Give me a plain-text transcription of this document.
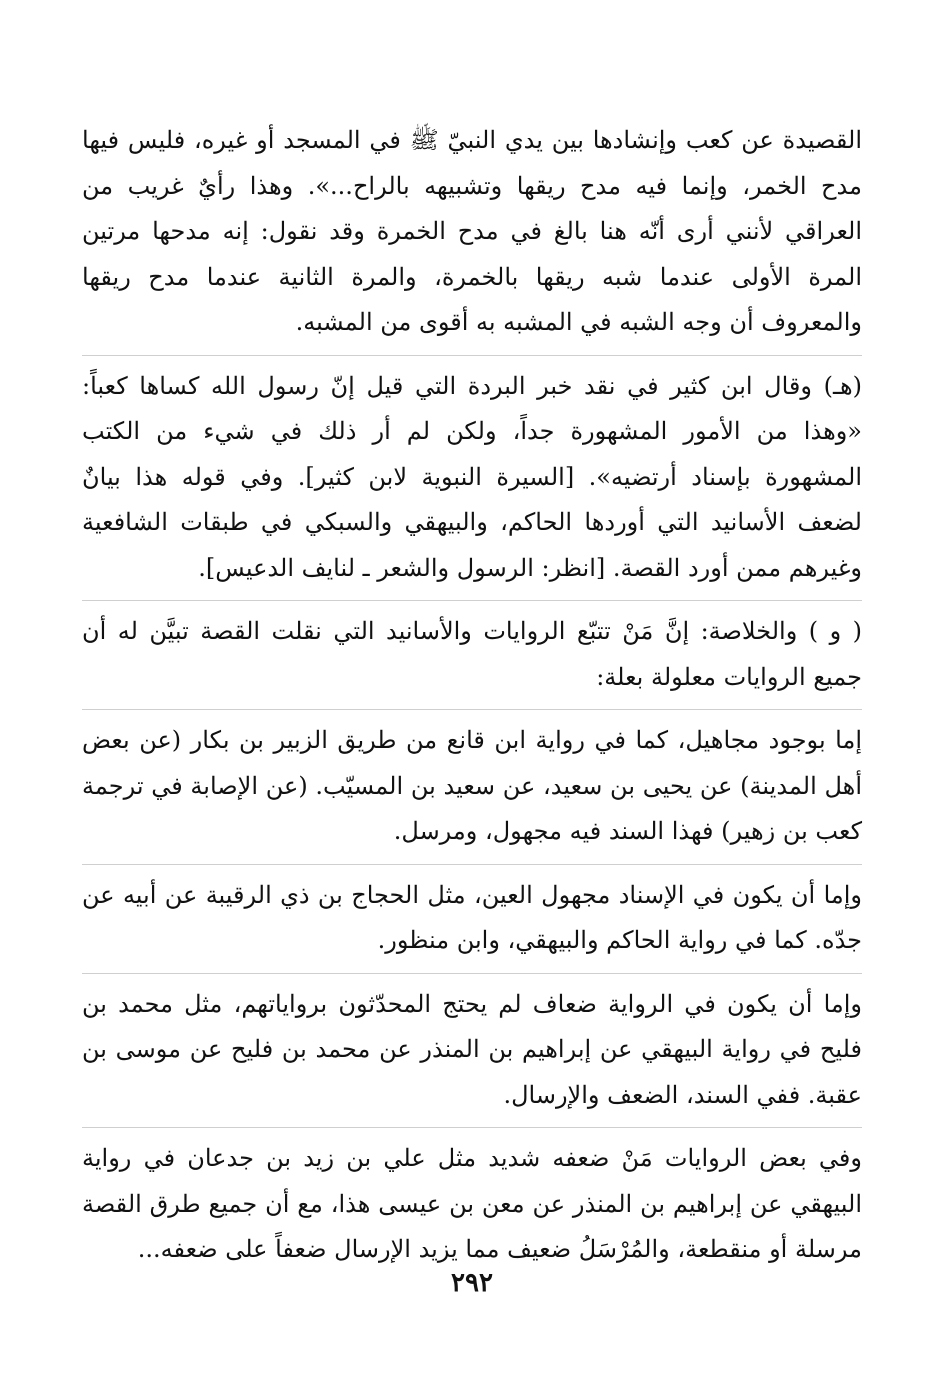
القصيدة عن كعب وإنشادها بين يدي النبيّ ﷺ في المسجد أو غيره، فليس فيها مدح الخمر، وإنما فيه مدح ريقها وتشبيهه بالراح...». وهذا رأيٌ غريب من العراقي لأنني أرى أنّه هنا بالغ في مدح الخمرة وقد نقول: إنه مدحها مرتين المرة الأولى عندما شبه ريقها بالخمرة، والمرة الثانية عندما مدح ريقها والمعروف أن وجه الشبه في المشبه به أقوى من المشبه.

(هـ) وقال ابن كثير في نقد خبر البردة التي قيل إنّ رسول الله كساها كعباً: «وهذا من الأمور المشهورة جداً، ولكن لم أر ذلك في شيء من الكتب المشهورة بإسناد أرتضيه». [السيرة النبوية لابن كثير]. وفي قوله هذا بيانٌ لضعف الأسانيد التي أوردها الحاكم، والبيهقي والسبكي في طبقات الشافعية وغيرهم ممن أورد القصة. [انظر: الرسول والشعر ـ لنايف الدعيس].

( و ) والخلاصة: إنَّ مَنْ تتبّع الروايات والأسانيد التي نقلت القصة تبيَّن له أن جميع الروايات معلولة بعلة:

إما بوجود مجاهيل، كما في رواية ابن قانع من طريق الزبير بن بكار (عن بعض أهل المدينة) عن يحيى بن سعيد، عن سعيد بن المسيّب. (عن الإصابة في ترجمة كعب بن زهير) فهذا السند فيه مجهول، ومرسل.

وإما أن يكون في الإسناد مجهول العين، مثل الحجاج بن ذي الرقيبة عن أبيه عن جدّه. كما في رواية الحاكم والبيهقي، وابن منظور.

وإما أن يكون في الرواية ضعاف لم يحتج المحدّثون برواياتهم، مثل محمد بن فليح في رواية البيهقي عن إبراهيم بن المنذر عن محمد بن فليح عن موسى بن عقبة. ففي السند، الضعف والإرسال.

وفي بعض الروايات مَنْ ضعفه شديد مثل علي بن زيد بن جدعان في رواية البيهقي عن إبراهيم بن المنذر عن معن بن عيسى هذا، مع أن جميع طرق القصة مرسلة أو منقطعة، والمُرْسَلُ ضعيف مما يزيد الإرسال ضعفاً على ضعفه...

٢٩٢
